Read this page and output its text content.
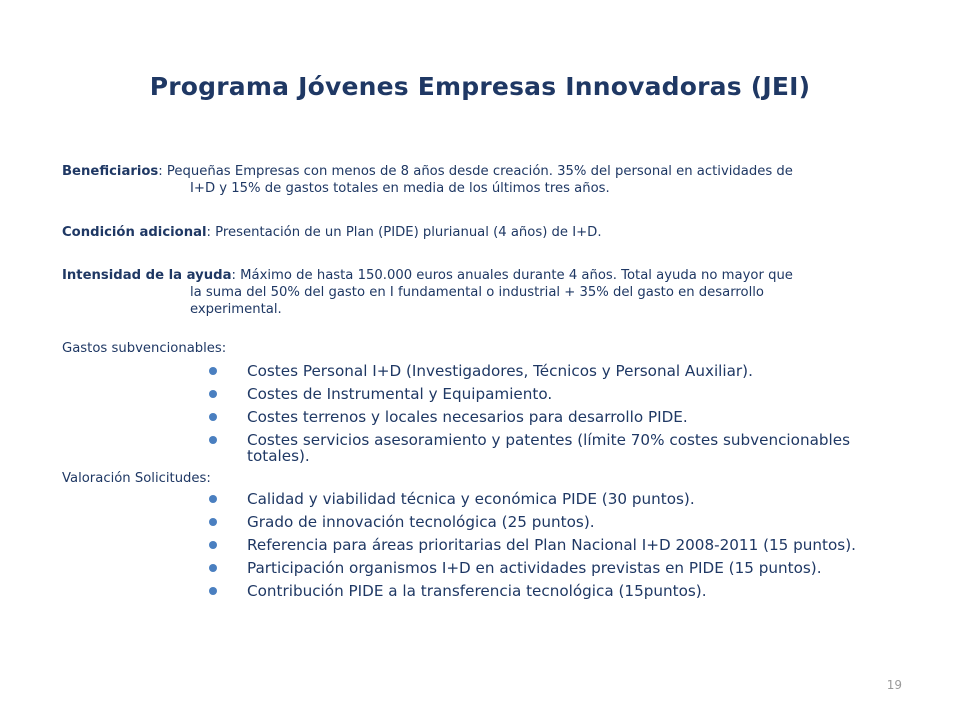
Programa Jóvenes Empresas Innovadoras (JEI)
Beneficiarios: Pequeñas Empresas con menos de 8 años desde creación. 35% del personal en actividades de
I+D y 15% de gastos totales en media de los últimos tres años.
Condición adicional: Presentación de un Plan (PIDE) plurianual (4 años) de I+D.
Intensidad de la ayuda: Máximo de hasta 150.000 euros anuales durante 4 años. Total ayuda no mayor que
la suma del 50% del gasto en I fundamental o industrial + 35% del gasto en desarrollo
experimental.
Gastos subvencionables:
Costes Personal I+D (Investigadores, Técnicos y Personal Auxiliar).
Costes de Instrumental y Equipamiento.
Costes terrenos y locales necesarios para desarrollo PIDE.
Costes servicios asesoramiento y patentes (límite 70% costes subvencionables totales).
Valoración Solicitudes:
Calidad y viabilidad técnica y económica PIDE (30 puntos).
Grado de innovación tecnológica (25 puntos).
Referencia para áreas prioritarias del Plan Nacional I+D 2008-2011 (15 puntos).
Participación organismos I+D en actividades previstas en PIDE (15 puntos).
Contribución PIDE a la transferencia tecnológica (15puntos).
19
